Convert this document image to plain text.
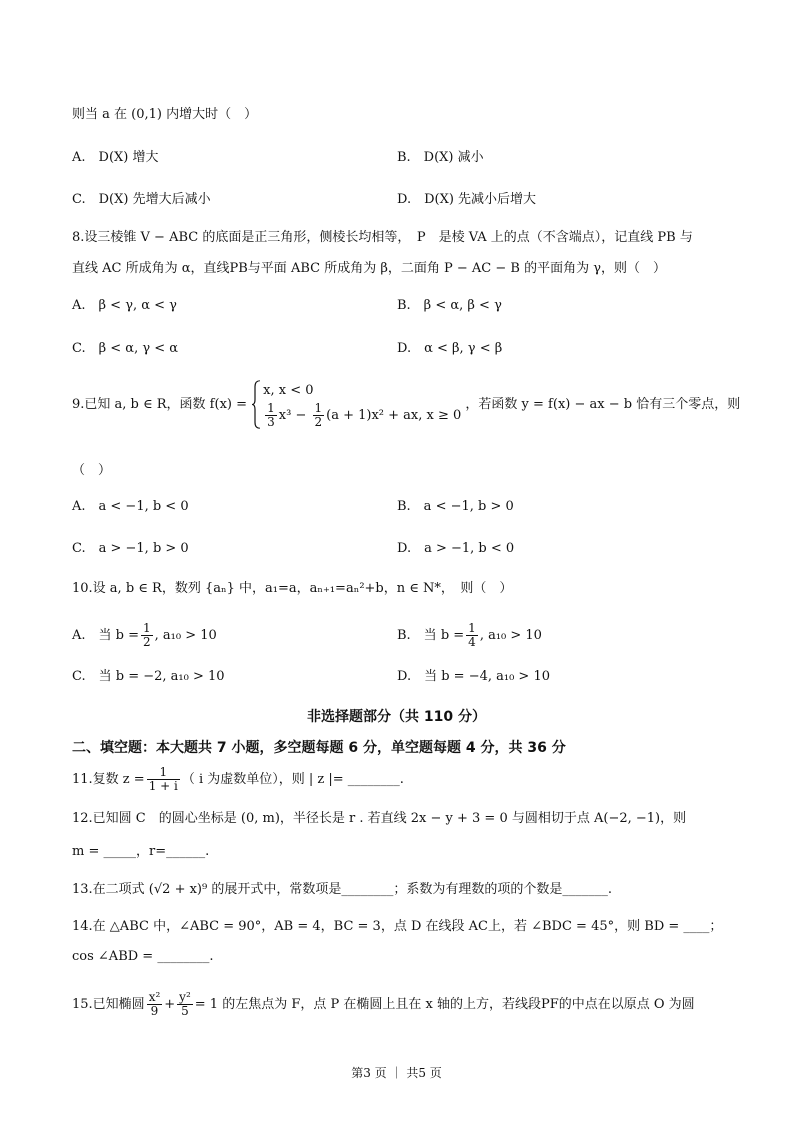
则当 a 在 (0,1) 内增大时（　）
A.　D(X) 增大	B.　D(X) 减小
C.　D(X) 先增大后减小	D.　D(X) 先减小后增大
8.设三棱锥 V − ABC 的底面是正三角形，侧棱长均相等，　P　是棱 VA 上的点（不含端点），记直线 PB 与
直线 AC 所成角为 α，直线PB与平面 ABC 所成角为 β，二面角 P − AC − B 的平面角为 γ，则（　）
A.　β < γ, α < γ	B.　β < α, β < γ
C.　β < α, γ < α	D.　α < β, γ < β
9.已知 a, b ∈ R，函数 f(x) =
x, x < 0
$\frac{1}{3} x^3 - \frac{1}{2} (a + 1)x^2$ + ax, x ≥ 0
，若函数 y = f(x) − ax − b 恰有三个零点，则
（　）
A.　a < −1, b < 0	B.　a < −1, b > 0
C.　a > −1, b > 0	D.　a > −1, b < 0
10.设 a, b ∈ R，数列 {aₙ} 中，a₁=a，aₙ₊₁=aₙ²+b，n ∈ N*，　则（　）
A.　当 $b = \frac{1}{2}$ , a₁₀ > 10	B.　当 $b = \frac{1}{4}$ , a₁₀ > 10
C.　当 b = −2, a₁₀ > 10	D.　当 b = −4, a₁₀ > 10
非选择题部分（共 110 分）
二、填空题：本大题共 7 小题，多空题每题 6 分，单空题每题 4 分，共 36 分
11.复数 $z = \frac{1}{1 + i}$ （ i 为虚数单位），则 | z |= ________.
12.已知圆 C　的圆心坐标是 (0, m)，半径长是 r . 若直线 2x − y + 3 = 0 与圆相切于点 A(−2, −1)，则
m = _____，r=______.
13.在二项式 (√2 + x)⁹ 的展开式中，常数项是________；系数为有理数的项的个数是_______.
14.在 △ABC 中，∠ABC = 90°，AB = 4，BC = 3，点 D 在线段 AC上，若 ∠BDC = 45°，则 BD = ____；
cos ∠ABD = ________.
15.已知椭圆 $\frac{\text{x²}}{9} + \frac{\text{y²}}{5} = 1$ 的左焦点为 F，点 P 在椭圆上且在 x 轴的上方，若线段PF的中点在以原点 O 为圆
第3 页 ｜ 共5 页
